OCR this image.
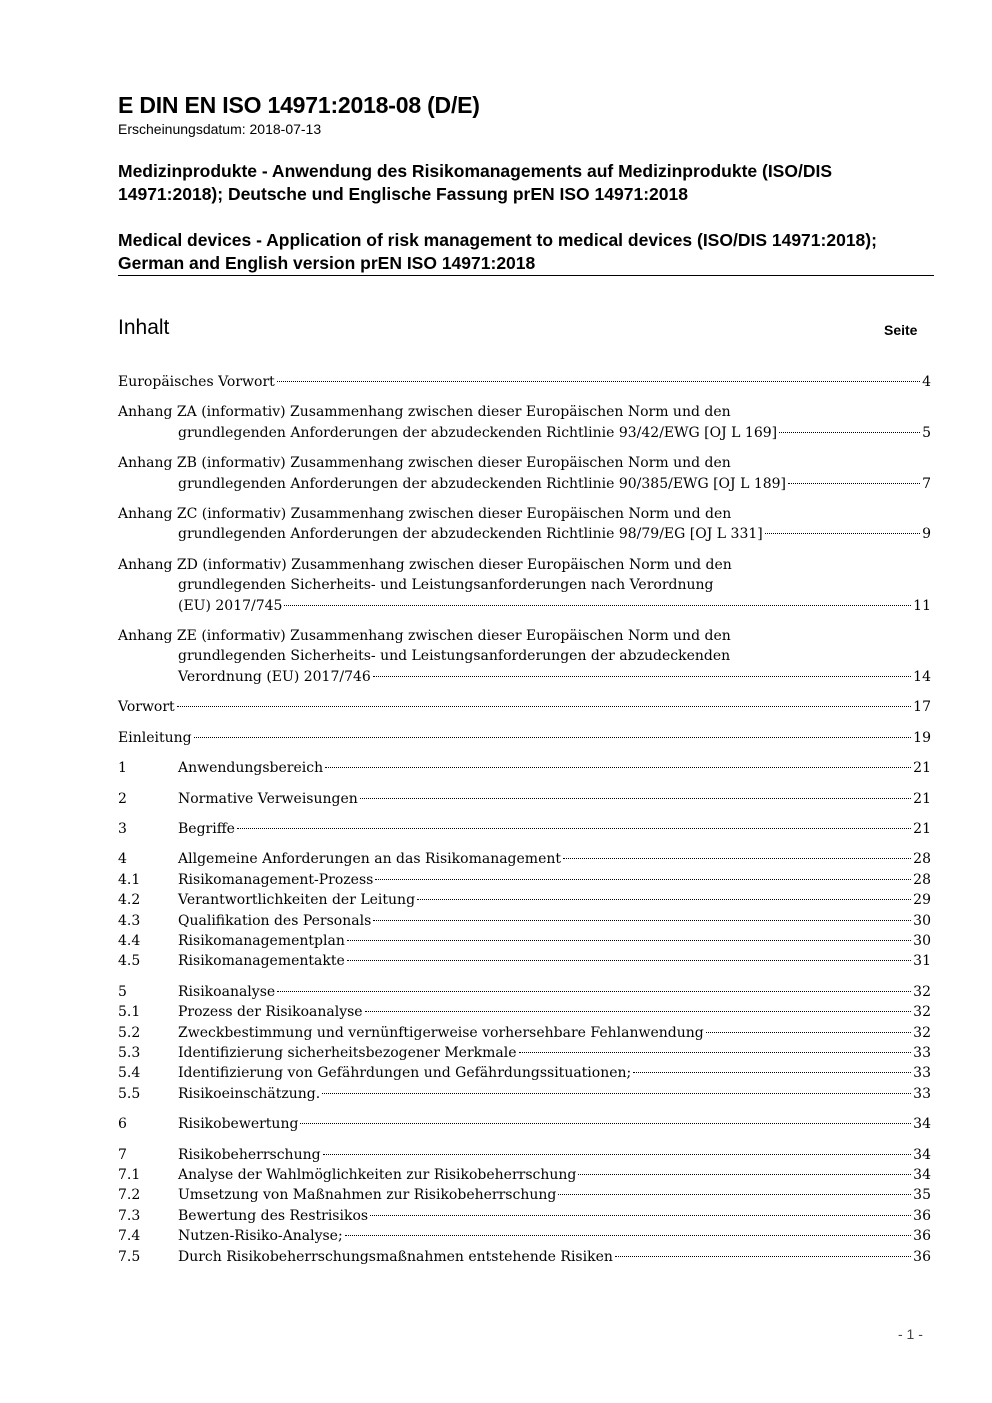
E DIN EN ISO 14971:2018-08 (D/E)
Erscheinungsdatum: 2018-07-13
Medizinprodukte - Anwendung des Risikomanagements auf Medizinprodukte (ISO/DIS 14971:2018); Deutsche und Englische Fassung prEN ISO 14971:2018
Medical devices - Application of risk management to medical devices (ISO/DIS 14971:2018); German and English version prEN ISO 14971:2018
Inhalt	Seite
Europäisches Vorwort	4
Anhang ZA (informativ) Zusammenhang zwischen dieser Europäischen Norm und den
grundlegenden Anforderungen der abzudeckenden Richtlinie 93/42/EWG [OJ L 169]	5
Anhang ZB (informativ) Zusammenhang zwischen dieser Europäischen Norm und den
grundlegenden Anforderungen der abzudeckenden Richtlinie 90/385/EWG [OJ L 189]	7
Anhang ZC (informativ) Zusammenhang zwischen dieser Europäischen Norm und den
grundlegenden Anforderungen der abzudeckenden Richtlinie 98/79/EG [OJ L 331]	9
Anhang ZD (informativ) Zusammenhang zwischen dieser Europäischen Norm und den
grundlegenden Sicherheits- und Leistungsanforderungen nach Verordnung
(EU) 2017/745	11
Anhang ZE (informativ) Zusammenhang zwischen dieser Europäischen Norm und den
grundlegenden Sicherheits- und Leistungsanforderungen der abzudeckenden
Verordnung (EU) 2017/746	14
Vorwort	17
Einleitung	19
1	Anwendungsbereich	21
2	Normative Verweisungen	21
3	Begriffe	21
4	Allgemeine Anforderungen an das Risikomanagement	28
4.1	Risikomanagement-Prozess	28
4.2	Verantwortlichkeiten der Leitung	29
4.3	Qualifikation des Personals	30
4.4	Risikomanagementplan	30
4.5	Risikomanagementakte	31
5	Risikoanalyse	32
5.1	Prozess der Risikoanalyse	32
5.2	Zweckbestimmung und vernünftigerweise vorhersehbare Fehlanwendung	32
5.3	Identifizierung sicherheitsbezogener Merkmale	33
5.4	Identifizierung von Gefährdungen und Gefährdungssituationen;	33
5.5	Risikoeinschätzung.	33
6	Risikobewertung	34
7	Risikobeherrschung	34
7.1	Analyse der Wahlmöglichkeiten zur Risikobeherrschung	34
7.2	Umsetzung von Maßnahmen zur Risikobeherrschung	35
7.3	Bewertung des Restrisikos	36
7.4	Nutzen-Risiko-Analyse;	36
7.5	Durch Risikobeherrschungsmaßnahmen entstehende Risiken	36
- 1 -
